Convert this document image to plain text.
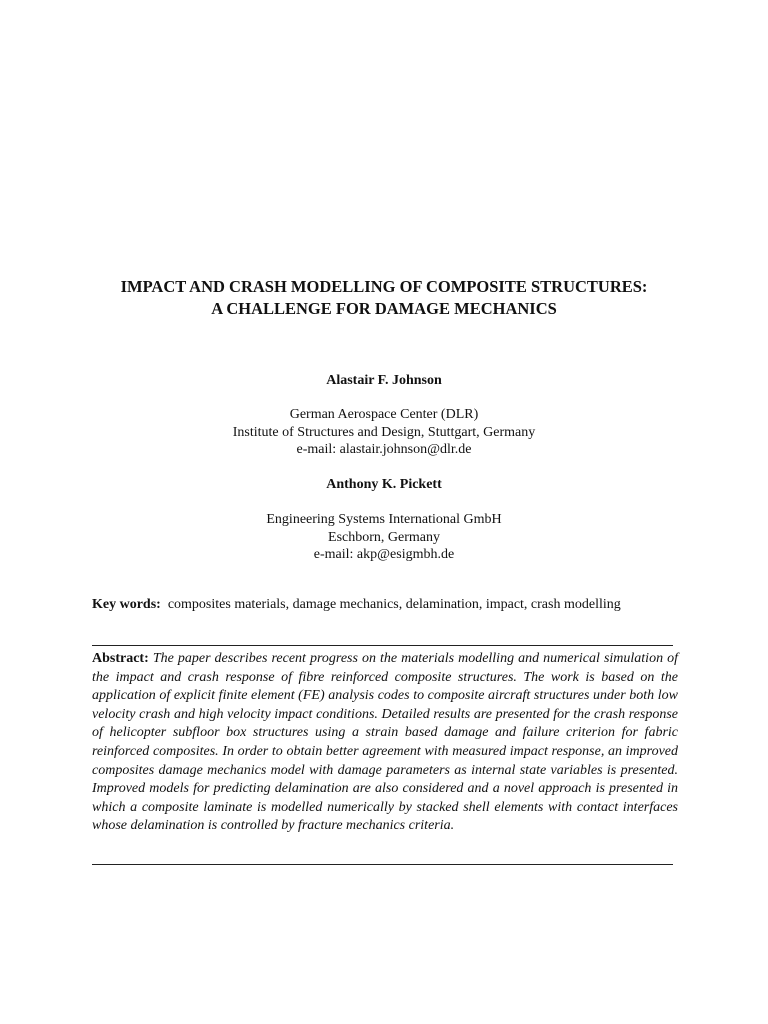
IMPACT AND CRASH MODELLING OF COMPOSITE STRUCTURES:
A CHALLENGE FOR DAMAGE MECHANICS
Alastair F. Johnson
German Aerospace Center (DLR)
Institute of Structures and Design, Stuttgart, Germany
e-mail: alastair.johnson@dlr.de
Anthony K. Pickett
Engineering Systems International GmbH
Eschborn, Germany
e-mail: akp@esigmbh.de
Key words: composites materials, damage mechanics, delamination, impact, crash modelling
Abstract: The paper describes recent progress on the materials modelling and numerical simulation of the impact and crash response of fibre reinforced composite structures. The work is based on the application of explicit finite element (FE) analysis codes to composite aircraft structures under both low velocity crash and high velocity impact conditions. Detailed results are presented for the crash response of helicopter subfloor box structures using a strain based damage and failure criterion for fabric reinforced composites. In order to obtain better agreement with measured impact response, an improved composites damage mechanics model with damage parameters as internal state variables is presented. Improved models for predicting delamination are also considered and a novel approach is presented in which a composite laminate is modelled numerically by stacked shell elements with contact interfaces whose delamination is controlled by fracture mechanics criteria.
